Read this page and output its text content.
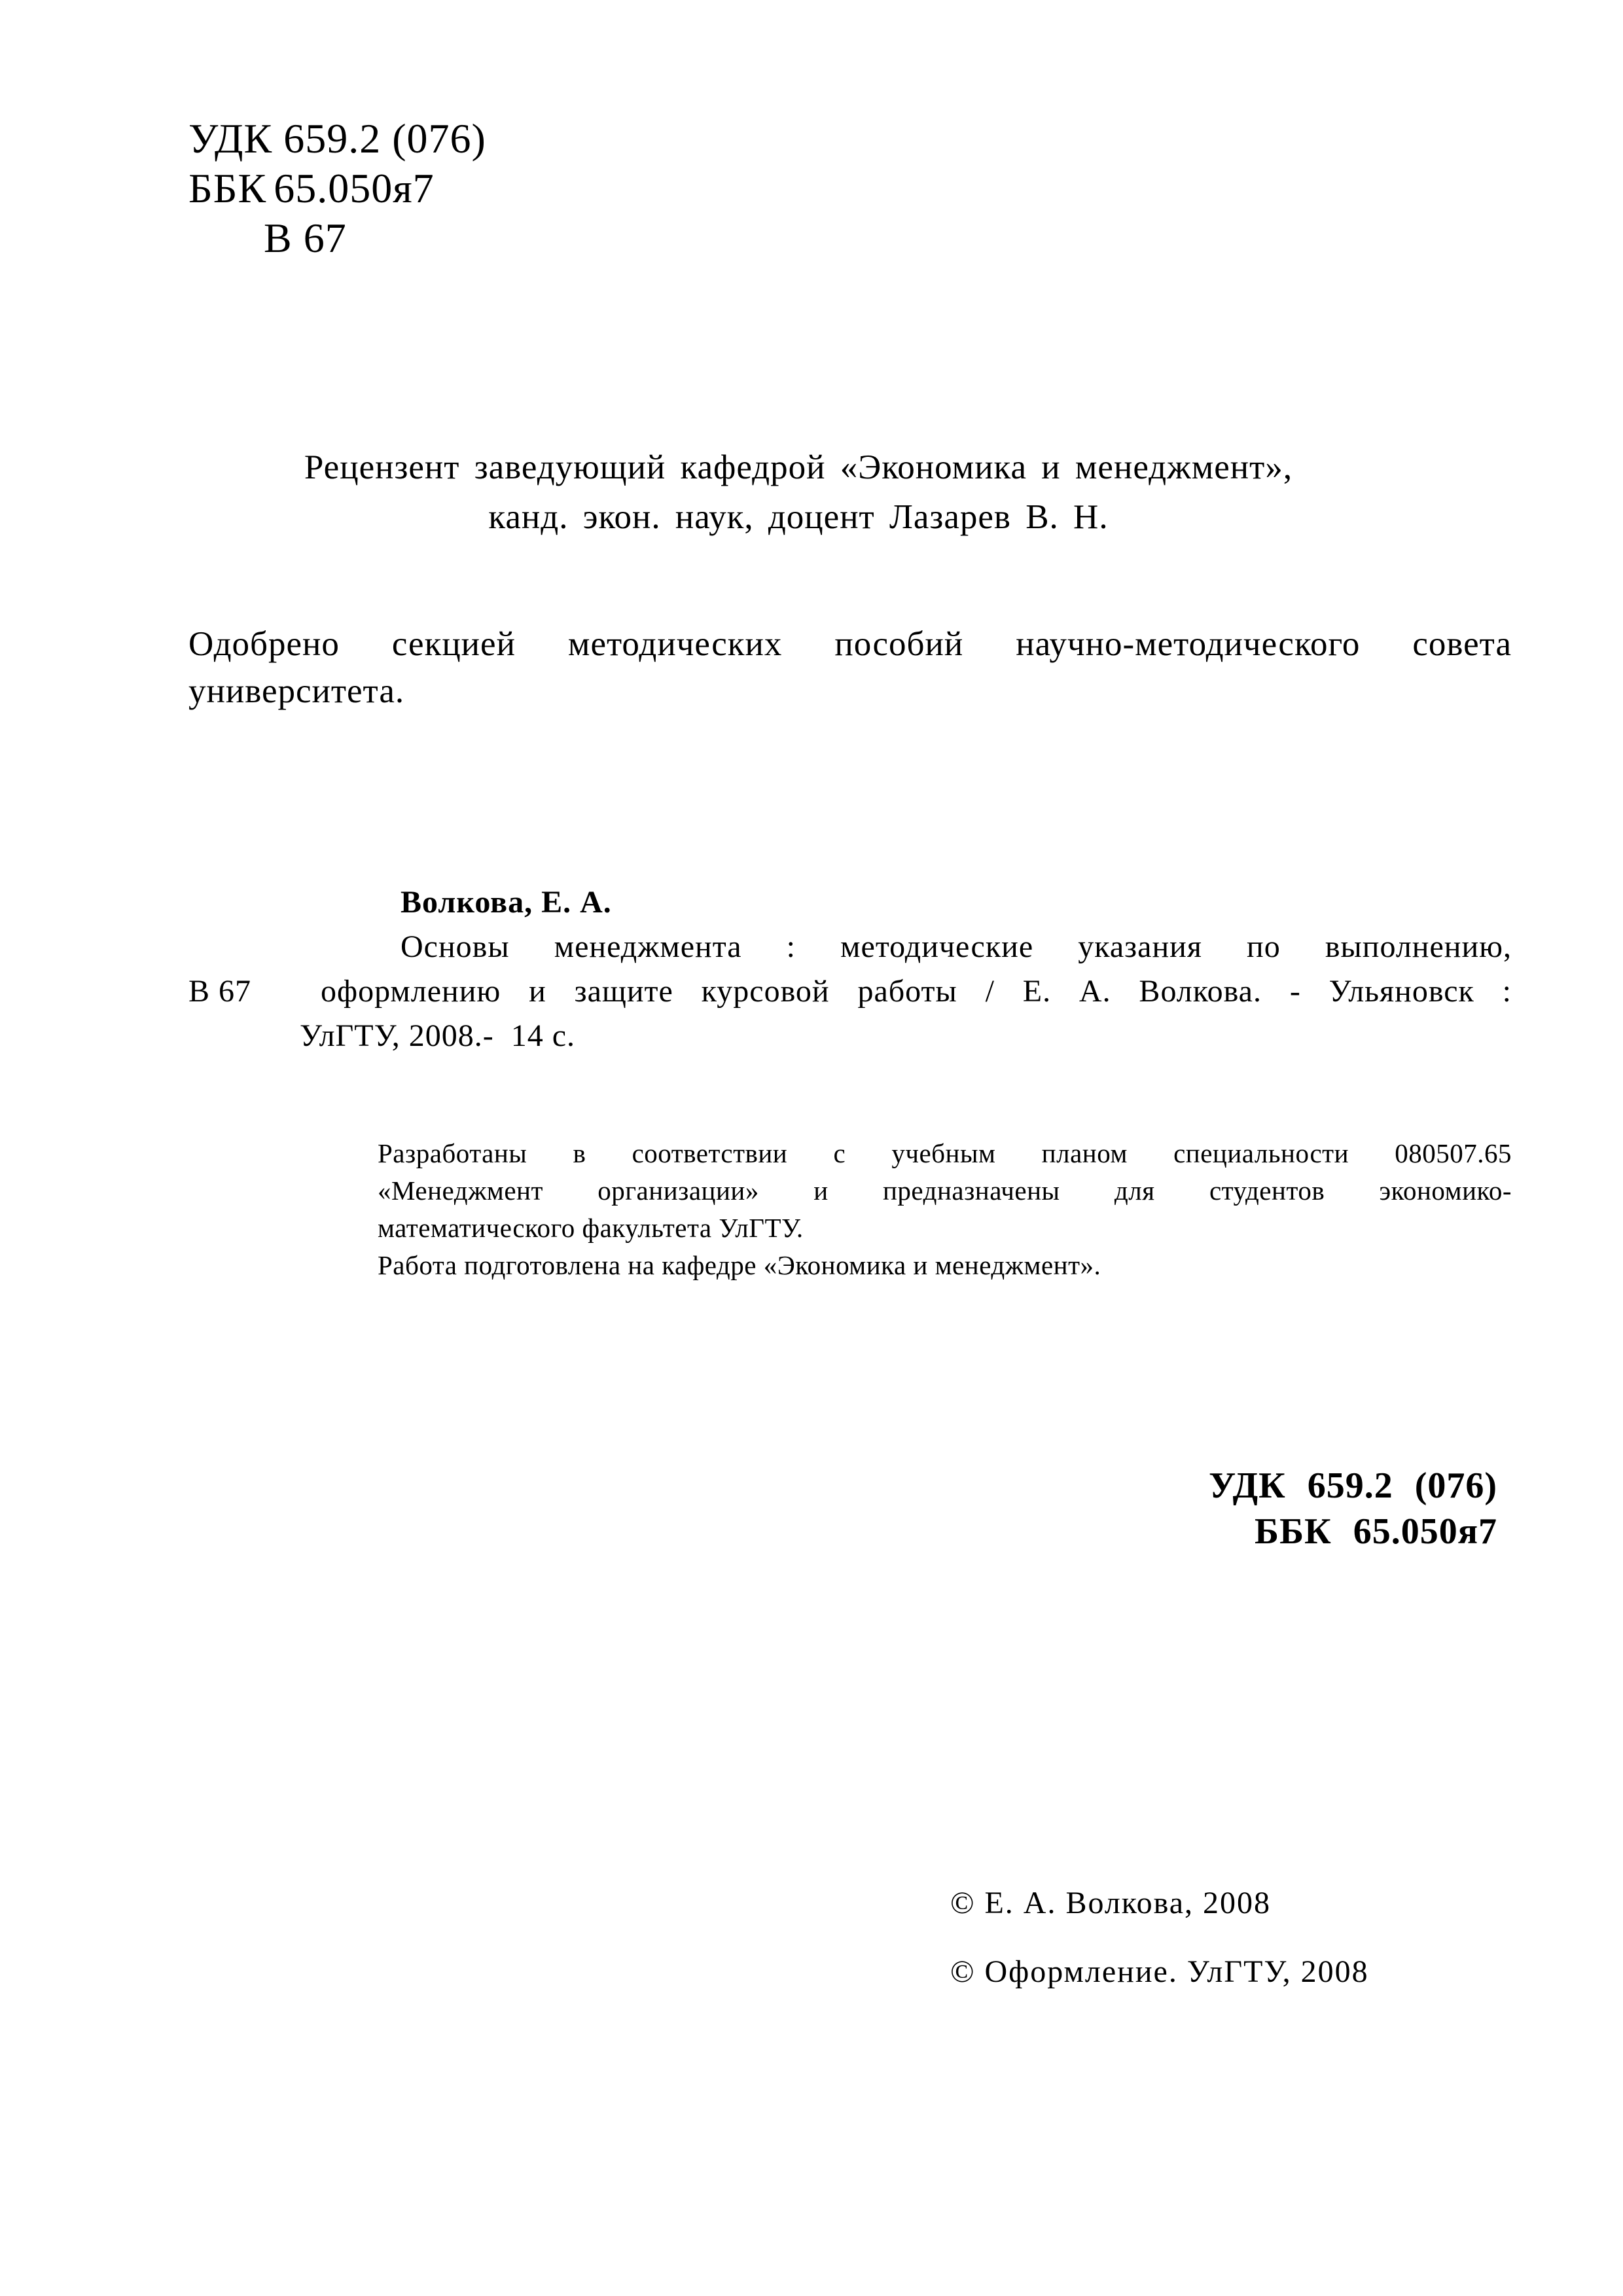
УДК 659.2 (076)
ББК 65.050я7
В 67
Рецензент заведующий кафедрой «Экономика и менеджмент»,
канд. экон. наук, доцент Лазарев В. Н.
Одобрено секцией методических пособий научно-методического совета
университета.
Волкова, Е. А.
Основы менеджмента : методические указания по выполнению,
В 67 оформлению и защите курсовой работы / Е. А. Волкова. - Ульяновск :
УлГТУ, 2008.-  14 с.
Разработаны в соответствии с учебным планом специальности 080507.65
«Менеджмент организации» и предназначены для студентов экономико-
математического факультета УлГТУ.
Работа подготовлена на кафедре «Экономика и менеджмент».
УДК 659.2 (076)
ББК 65.050я7
© Е. А. Волкова, 2008
© Оформление. УлГТУ, 2008
